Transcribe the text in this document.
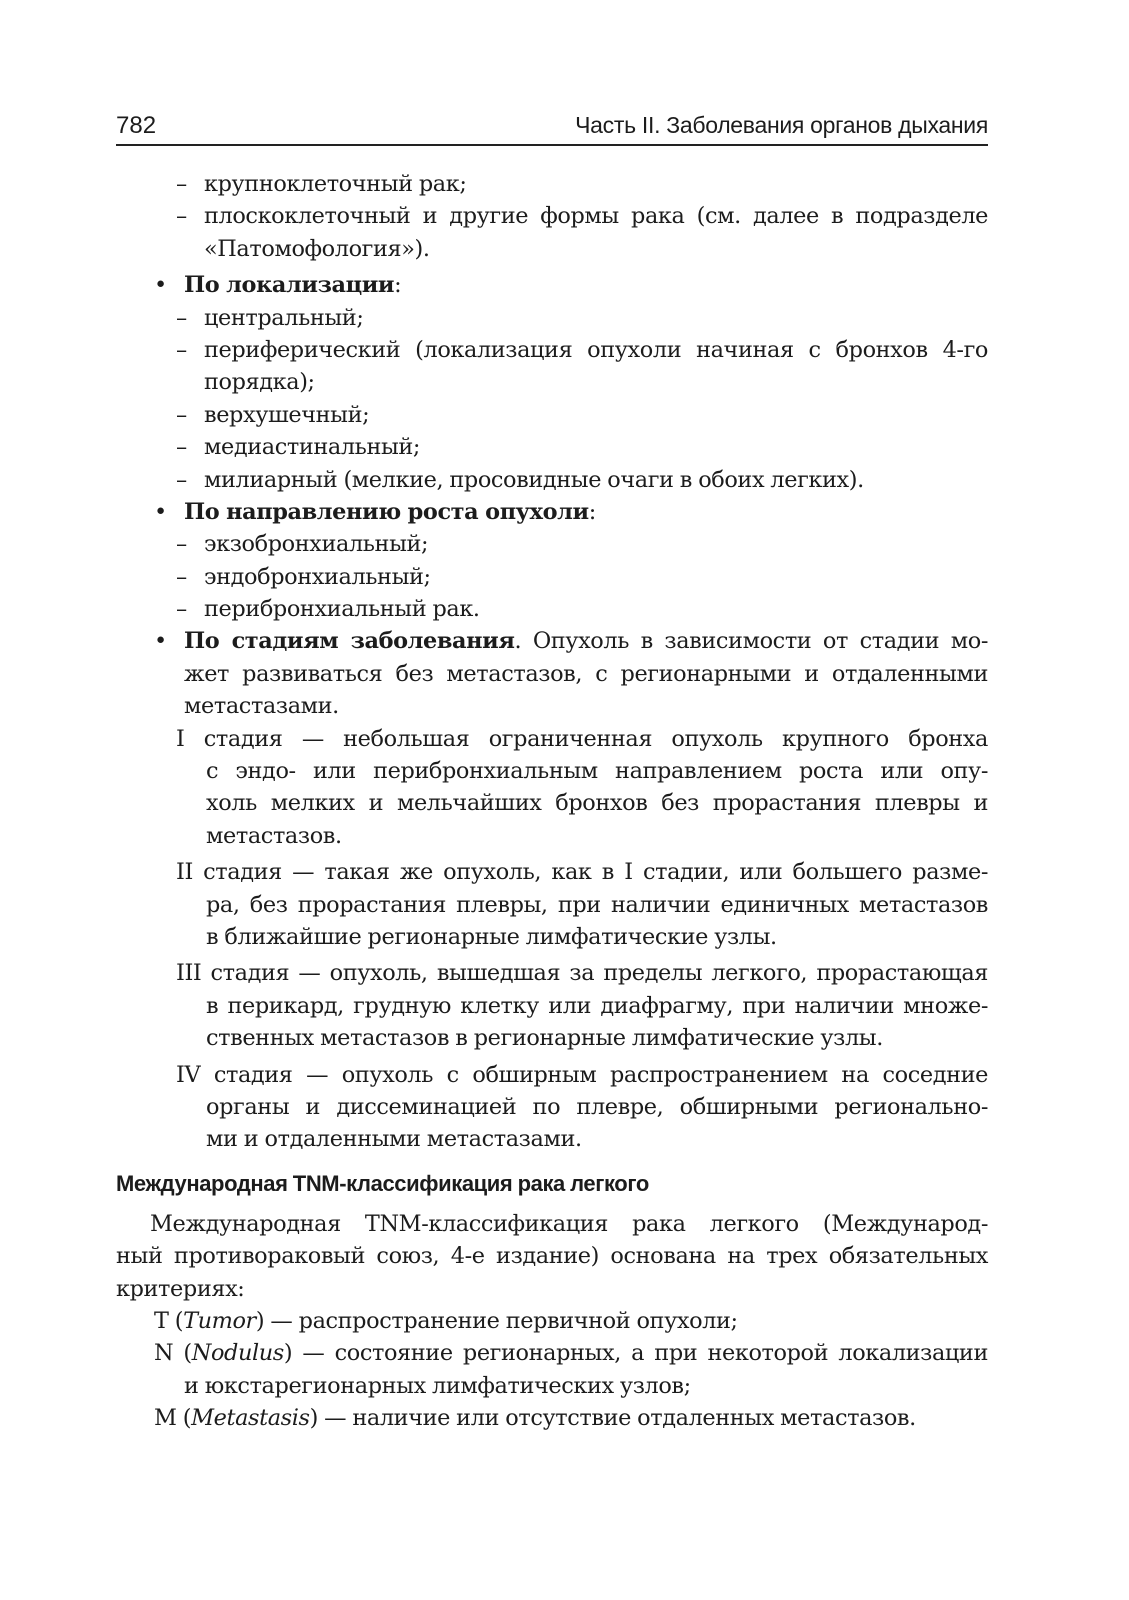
782	Часть II. Заболевания органов дыхания
– крупноклеточный рак;
– плоскоклеточный и другие формы рака (см. далее в подразделе
«Патомофология»).
• По локализации:
– центральный;
– периферический (локализация опухоли начиная с бронхов 4-го
порядка);
– верхушечный;
– медиастинальный;
– милиарный (мелкие, просовидные очаги в обоих легких).
• По направлению роста опухоли:
– экзобронхиальный;
– эндобронхиальный;
– перибронхиальный рак.
• По стадиям заболевания. Опухоль в зависимости от стадии мо-
жет развиваться без метастазов, с регионарными и отдаленными
метастазами.
I стадия — небольшая ограниченная опухоль крупного бронха
с эндо- или перибронхиальным направлением роста или опу-
холь мелких и мельчайших бронхов без прорастания плевры и
метастазов.
II стадия — такая же опухоль, как в I стадии, или большего разме-
ра, без прорастания плевры, при наличии единичных метастазов
в ближайшие регионарные лимфатические узлы.
III стадия — опухоль, вышедшая за пределы легкого, прорастающая
в перикард, грудную клетку или диафрагму, при наличии множе-
ственных метастазов в регионарные лимфатические узлы.
IV стадия — опухоль с обширным распространением на соседние
органы и диссеминацией по плевре, обширными регионально-
ми и отдаленными метастазами.
Международная TNM-классификация рака легкого
Международная TNM-классификация рака легкого (Международ-
ный противораковый союз, 4-е издание) основана на трех обязательных
критериях:
T (Tumor) — распространение первичной опухоли;
N (Nodulus) — состояние регионарных, а при некоторой локализации
и юкстарегионарных лимфатических узлов;
M (Metastasis) — наличие или отсутствие отдаленных метастазов.
